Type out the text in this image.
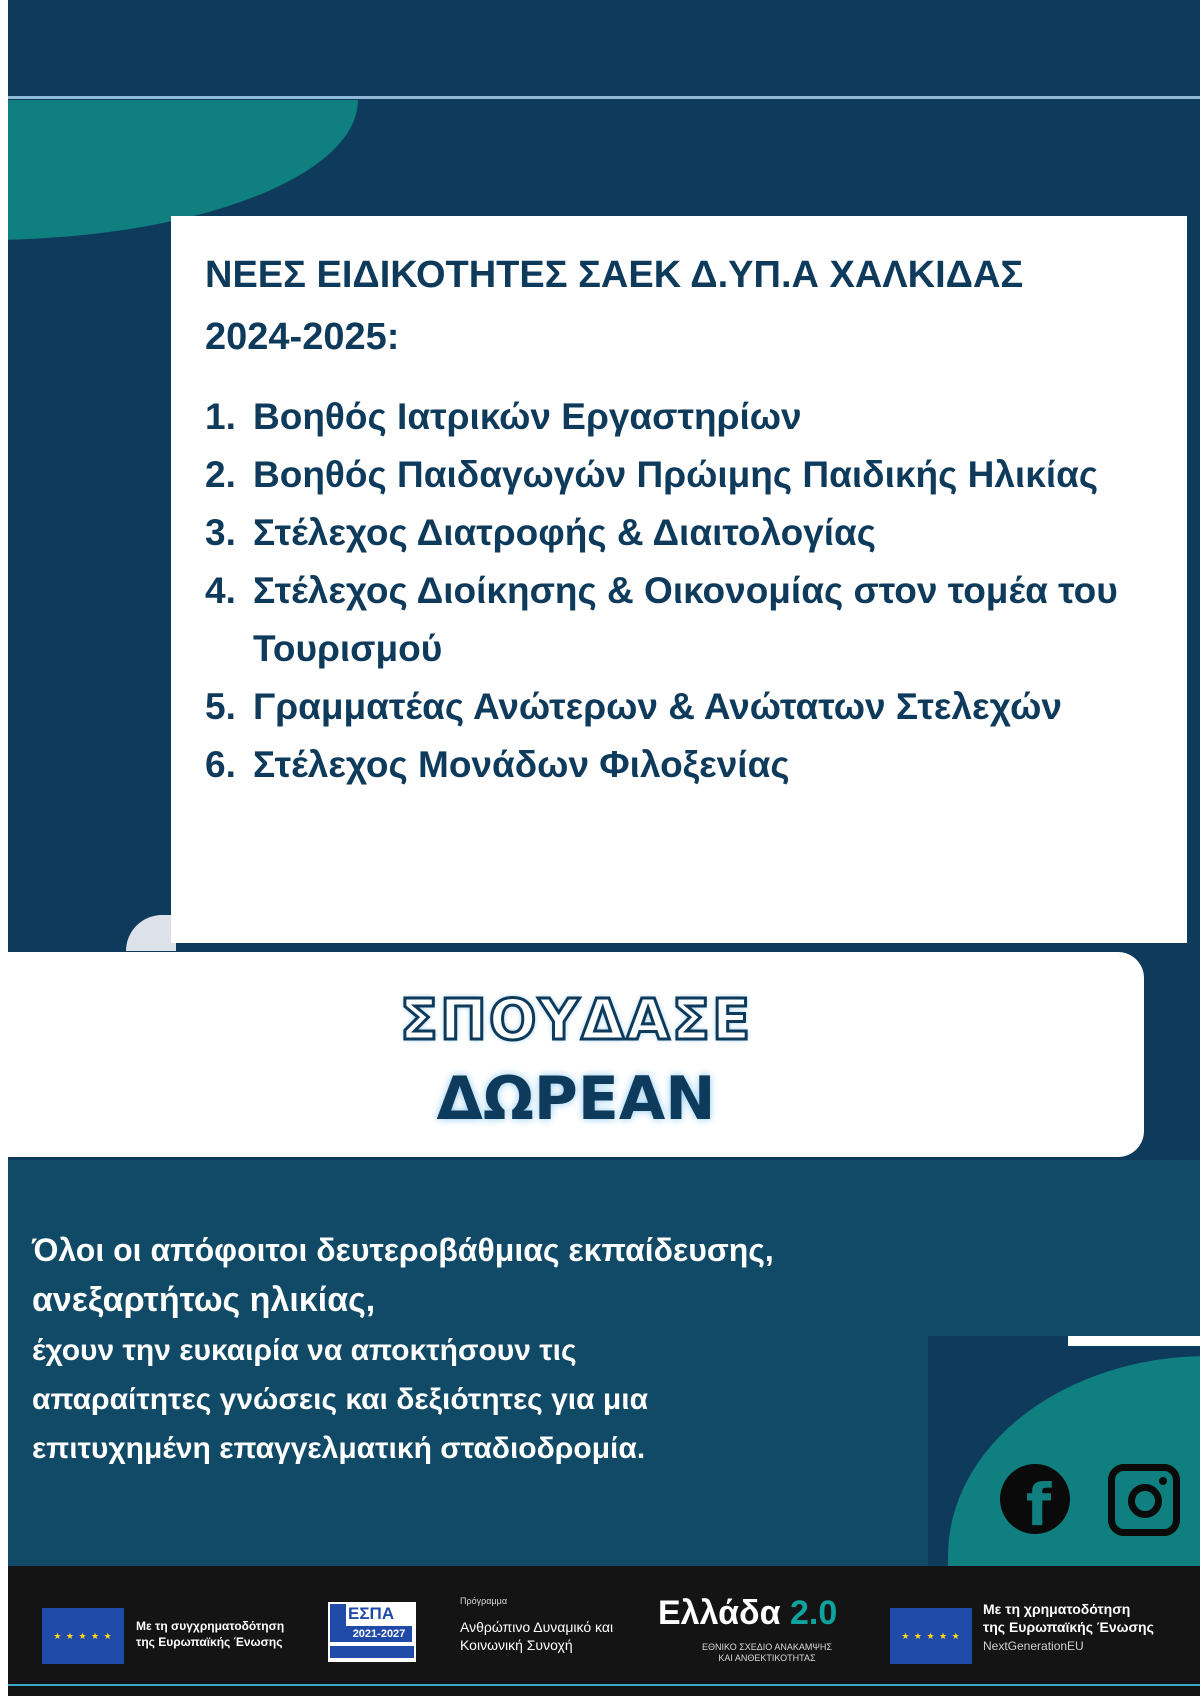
ΝΕΕΣ ΕΙΔΙΚΟΤΗΤΕΣ ΣΑΕΚ Δ.ΥΠ.Α ΧΑΛΚΙΔΑΣ
2024-2025:
1. Βοηθός Ιατρικών Εργαστηρίων
2. Βοηθός Παιδαγωγών Πρώιμης Παιδικής Ηλικίας
3. Στέλεχος Διατροφής & Διαιτολογίας
4. Στέλεχος Διοίκησης & Οικονομίας στον τομέα του Τουρισμού
5. Γραμματέας Ανώτερων & Ανώτατων Στελεχών
6. Στέλεχος Μονάδων Φιλοξενίας
ΣΠΟΥΔΑΣΕ
ΔΩΡΕΑΝ
Όλοι οι απόφοιτοι δευτεροβάθμιας εκπαίδευσης,
ανεξαρτήτως ηλικίας,
έχουν την ευκαιρία να αποκτήσουν τις
απαραίτητες γνώσεις και δεξιότητες για μια
επιτυχημένη επαγγελματική σταδιοδρομία.
f
★ ★ ★ ★ ★
Με τη συγχρηματοδότηση
της Ευρωπαϊκής Ένωσης
ΕΣΠΑ
2021-2027
Πρόγραμμα
Ανθρώπινο Δυναμικό και
Κοινωνική Συνοχή
Ελλάδα 2.0
ΕΘΝΙΚΟ ΣΧΕΔΙΟ ΑΝΑΚΑΜΨΗΣ
ΚΑΙ ΑΝΘΕΚΤΙΚΟΤΗΤΑΣ
★ ★ ★ ★ ★
Με τη χρηματοδότηση
της Ευρωπαϊκής Ένωσης
NextGenerationEU
